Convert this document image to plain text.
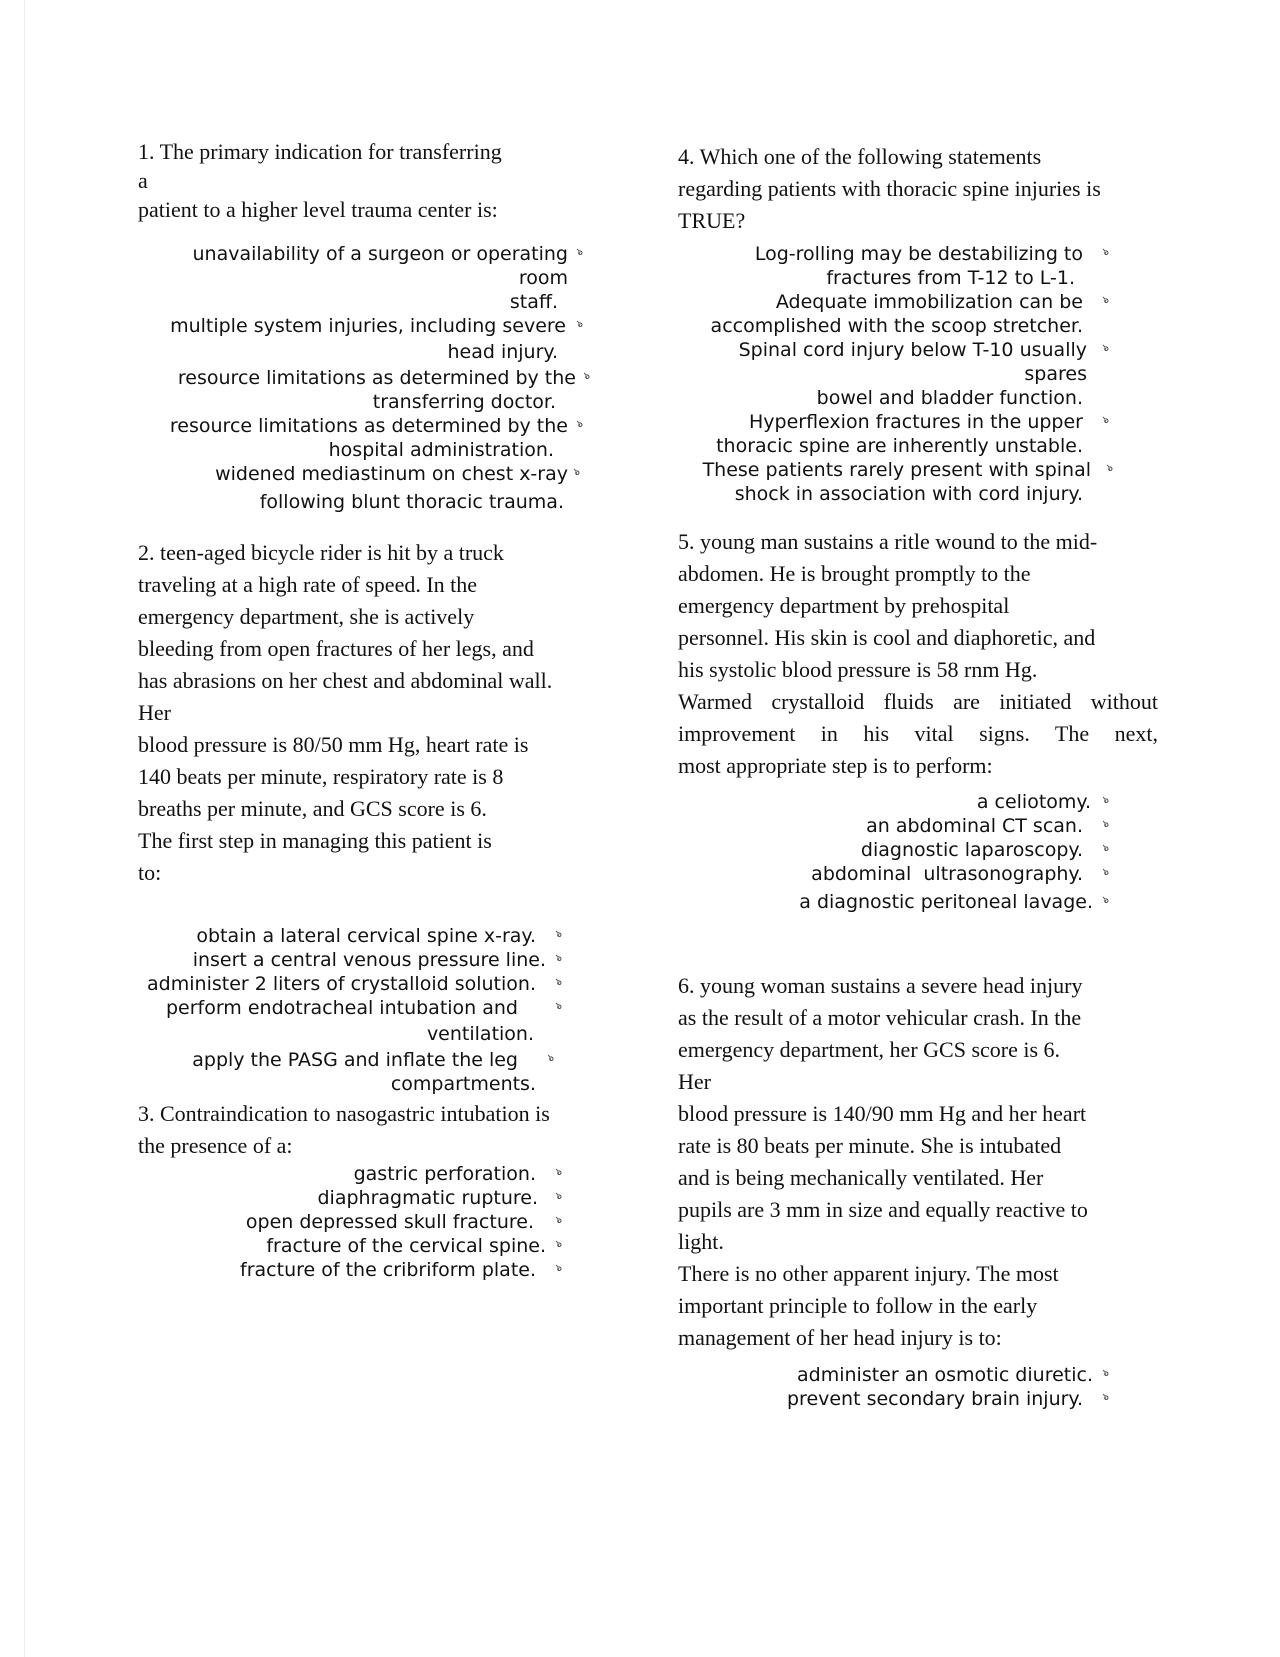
1. The primary indication for transferring
a
patient to a higher level trauma center is:
unavailability of a surgeon or operating room
staff.
๖
multiple system injuries, including severe
head injury.
๖
resource limitations as determined by the
transferring doctor.
๖
resource limitations as determined by the
hospital administration.
๖
widened mediastinum on chest x-ray
following blunt thoracic trauma.
๖
2. teen-aged bicycle rider is hit by a truck
traveling at a high rate of speed. In the
emergency department, she is actively
bleeding from open fractures of her legs, and
has abrasions on her chest and abdominal wall.
Her
blood pressure is 80/50 mm Hg, heart rate is
140 beats per minute, respiratory rate is 8
breaths per minute, and GCS score is 6.
The first step in managing this patient is
to:
obtain a lateral cervical spine x-ray.	๖
insert a central venous pressure line. ๖
administer 2 liters of crystalloid solution.	๖
perform endotracheal intubation and
ventilation.
๖
apply the PASG and inflate the leg
compartments.
๖
3. Contraindication to nasogastric intubation is
the presence of a:
gastric perforation.	๖
diaphragmatic rupture.	๖
open depressed skull fracture.	๖
fracture of the cervical spine. ๖
fracture of the cribriform plate.	๖
4. Which one of the following statements
regarding patients with thoracic spine injuries is
TRUE?
Log-rolling may be destabilizing to
fractures from T-12 to L-1.
๖
Adequate immobilization can be
accomplished with the scoop stretcher.
๖
Spinal cord injury below T-10 usually spares
bowel and bladder function.
๖
Hyperflexion fractures in the upper
thoracic spine are inherently unstable.
๖
These patients rarely present with spinal
shock in association with cord injury.
๖
5. young man sustains a ritle wound to the mid-
abdomen. He is brought promptly to the
emergency department by prehospital
personnel. His skin is cool and diaphoretic, and
his systolic blood pressure is 58 rnm Hg.
Warmed crystalloid fluids are initiated without
improvement in his vital signs. The next,
most appropriate step is to perform:
a celiotomy. ๖
an abdominal CT scan. ๖
diagnostic laparoscopy. ๖
abdominal  ultrasonography. ๖
a diagnostic peritoneal lavage. ๖
6. young woman sustains a severe head injury
as the result of a motor vehicular crash. In the
emergency department, her GCS score is 6.
Her
blood pressure is 140/90 mm Hg and her heart
rate is 80 beats per minute. She is intubated
and is being mechanically ventilated. Her
pupils are 3 mm in size and equally reactive to
light.
There is no other apparent injury. The most
important principle to follow in the early
management of her head injury is to:
administer an osmotic diuretic. ๖
prevent secondary brain injury. ๖
